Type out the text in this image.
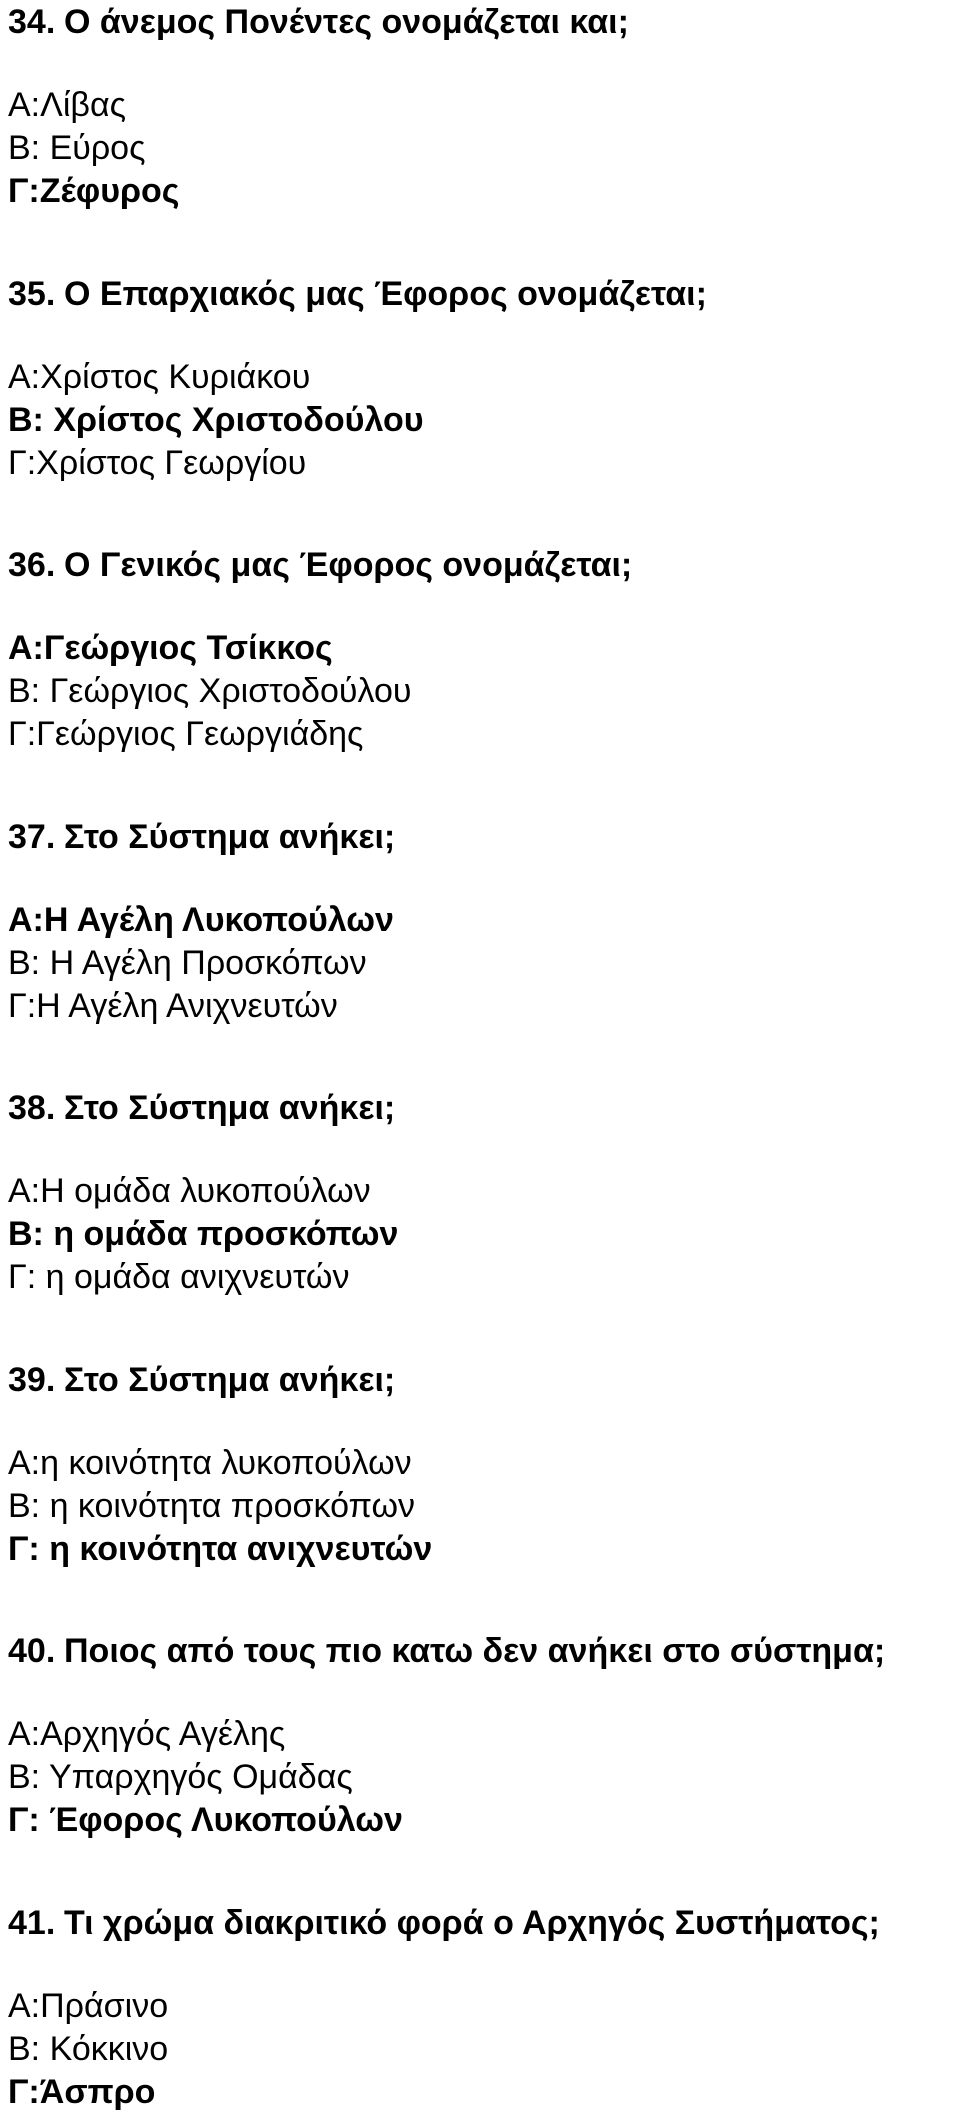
34. Ο άνεμος Πονέντες ονομάζεται και;
Α:Λίβας
Β: Εύρος
Γ:Ζέφυρος
35. Ο Επαρχιακός μας Έφορος ονομάζεται;
Α:Χρίστος Κυριάκου
Β: Χρίστος Χριστοδούλου
Γ:Χρίστος Γεωργίου
36. Ο Γενικός μας Έφορος ονομάζεται;
Α:Γεώργιος Τσίκκος
Β: Γεώργιος Χριστοδούλου
Γ:Γεώργιος Γεωργιάδης
37. Στο Σύστημα ανήκει;
Α:Η Αγέλη Λυκοπούλων
Β: Η Αγέλη Προσκόπων
Γ:Η Αγέλη Ανιχνευτών
38. Στο Σύστημα ανήκει;
Α:Η ομάδα λυκοπούλων
Β: η ομάδα προσκόπων
Γ: η ομάδα ανιχνευτών
39. Στο Σύστημα ανήκει;
Α:η κοινότητα λυκοπούλων
Β: η κοινότητα προσκόπων
Γ: η κοινότητα ανιχνευτών
40. Ποιος από τους πιο κατω δεν ανήκει στο σύστημα;
Α:Αρχηγός Αγέλης
Β: Υπαρχηγός Ομάδας
Γ: Έφορος Λυκοπούλων
41. Τι χρώμα διακριτικό φορά ο Αρχηγός Συστήματος;
Α:Πράσινο
Β: Κόκκινο
Γ:Άσπρο
